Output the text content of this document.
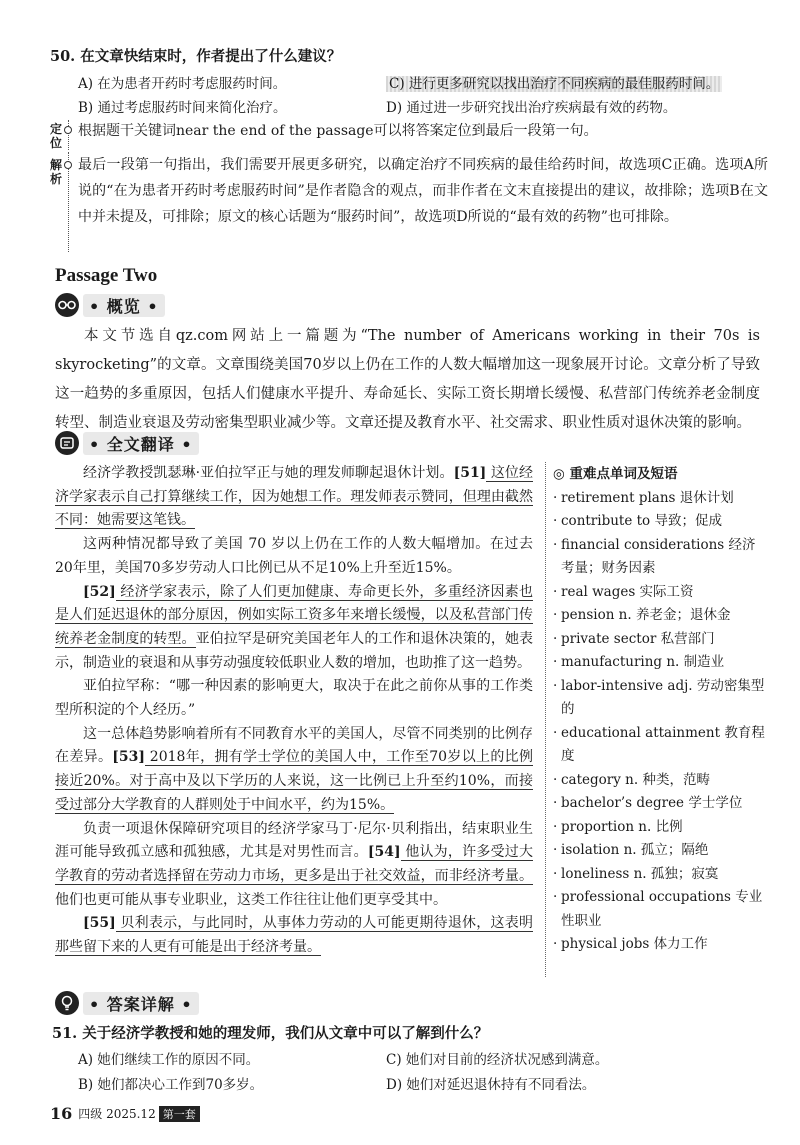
50. 在文章快结束时，作者提出了什么建议？
A) 在为患者开药时考虑服药时间。	C) 进行更多研究以找出治疗不同疾病的最佳服药时间。
B) 通过考虑服药时间来简化治疗。	D) 通过进一步研究找出治疗疾病最有效的药物。
定
位
根据题干关键词near the end of the passage可以将答案定位到最后一段第一句。
解
析
最后一段第一句指出，我们需要开展更多研究，以确定治疗不同疾病的最佳给药时间，故选项C正确。选项A所说的“在为患者开药时考虑服药时间”是作者隐含的观点，而非作者在文末直接提出的建议，故排除；选项B在文中并未提及，可排除；原文的核心话题为“服药时间”，故选项D所说的“最有效的药物”也可排除。
Passage Two
• 概览 •
本文节选自qz.com网站上一篇题为“The number of Americans working in their 70s is skyrocketing”的文章。文章围绕美国70岁以上仍在工作的人数大幅增加这一现象展开讨论。文章分析了导致这一趋势的多重原因，包括人们健康水平提升、寿命延长、实际工资长期增长缓慢、私营部门传统养老金制度转型、制造业衰退及劳动密集型职业减少等。文章还提及教育水平、社交需求、职业性质对退休决策的影响。
• 全文翻译 •

经济学教授凯瑟琳·亚伯拉罕正与她的理发师聊起退休计划。[51] 这位经济学家表示自己打算继续工作，因为她想工作。理发师表示赞同，但理由截然不同：她需要这笔钱。

这两种情况都导致了美国 70 岁以上仍在工作的人数大幅增加。在过去20年里，美国70多岁劳动人口比例已从不足10%上升至近15%。

[52] 经济学家表示，除了人们更加健康、寿命更长外，多重经济因素也是人们延迟退休的部分原因，例如实际工资多年来增长缓慢，以及私营部门传统养老金制度的转型。亚伯拉罕是研究美国老年人的工作和退休决策的，她表示，制造业的衰退和从事劳动强度较低职业人数的增加，也助推了这一趋势。

亚伯拉罕称：“哪一种因素的影响更大，取决于在此之前你从事的工作类型所积淀的个人经历。”

这一总体趋势影响着所有不同教育水平的美国人，尽管不同类别的比例存在差异。[53] 2018年，拥有学士学位的美国人中，工作至70岁以上的比例接近20%。对于高中及以下学历的人来说，这一比例已上升至约10%，而接受过部分大学教育的人群则处于中间水平，约为15%。

负责一项退休保障研究项目的经济学家马丁·尼尔·贝利指出，结束职业生涯可能导致孤立感和孤独感，尤其是对男性而言。[54] 他认为，许多受过大学教育的劳动者选择留在劳动力市场，更多是出于社交效益，而非经济考量。他们也更可能从事专业职业，这类工作往往让他们更享受其中。

[55] 贝利表示，与此同时，从事体力劳动的人可能更期待退休，这表明那些留下来的人更有可能是出于经济考量。

◎ 重难点单词及短语
· retirement plans 退休计划
· contribute to 导致；促成
· financial considerations 经济考量；财务因素
· real wages 实际工资
· pension n. 养老金；退休金
· private sector 私营部门
· manufacturing n. 制造业
· labor-intensive adj. 劳动密集型的
· educational attainment 教育程度
· category n. 种类，范畴
· bachelor’s degree 学士学位
· proportion n. 比例
· isolation n. 孤立；隔绝
· loneliness n. 孤独；寂寞
· professional occupations 专业性职业
· physical jobs 体力工作
• 答案详解 •
51. 关于经济学教授和她的理发师，我们从文章中可以了解到什么？
A) 她们继续工作的原因不同。	C) 她们对目前的经济状况感到满意。
B) 她们都决心工作到70多岁。	D) 她们对延迟退休持有不同看法。
16 四级 2025.12 第一套
